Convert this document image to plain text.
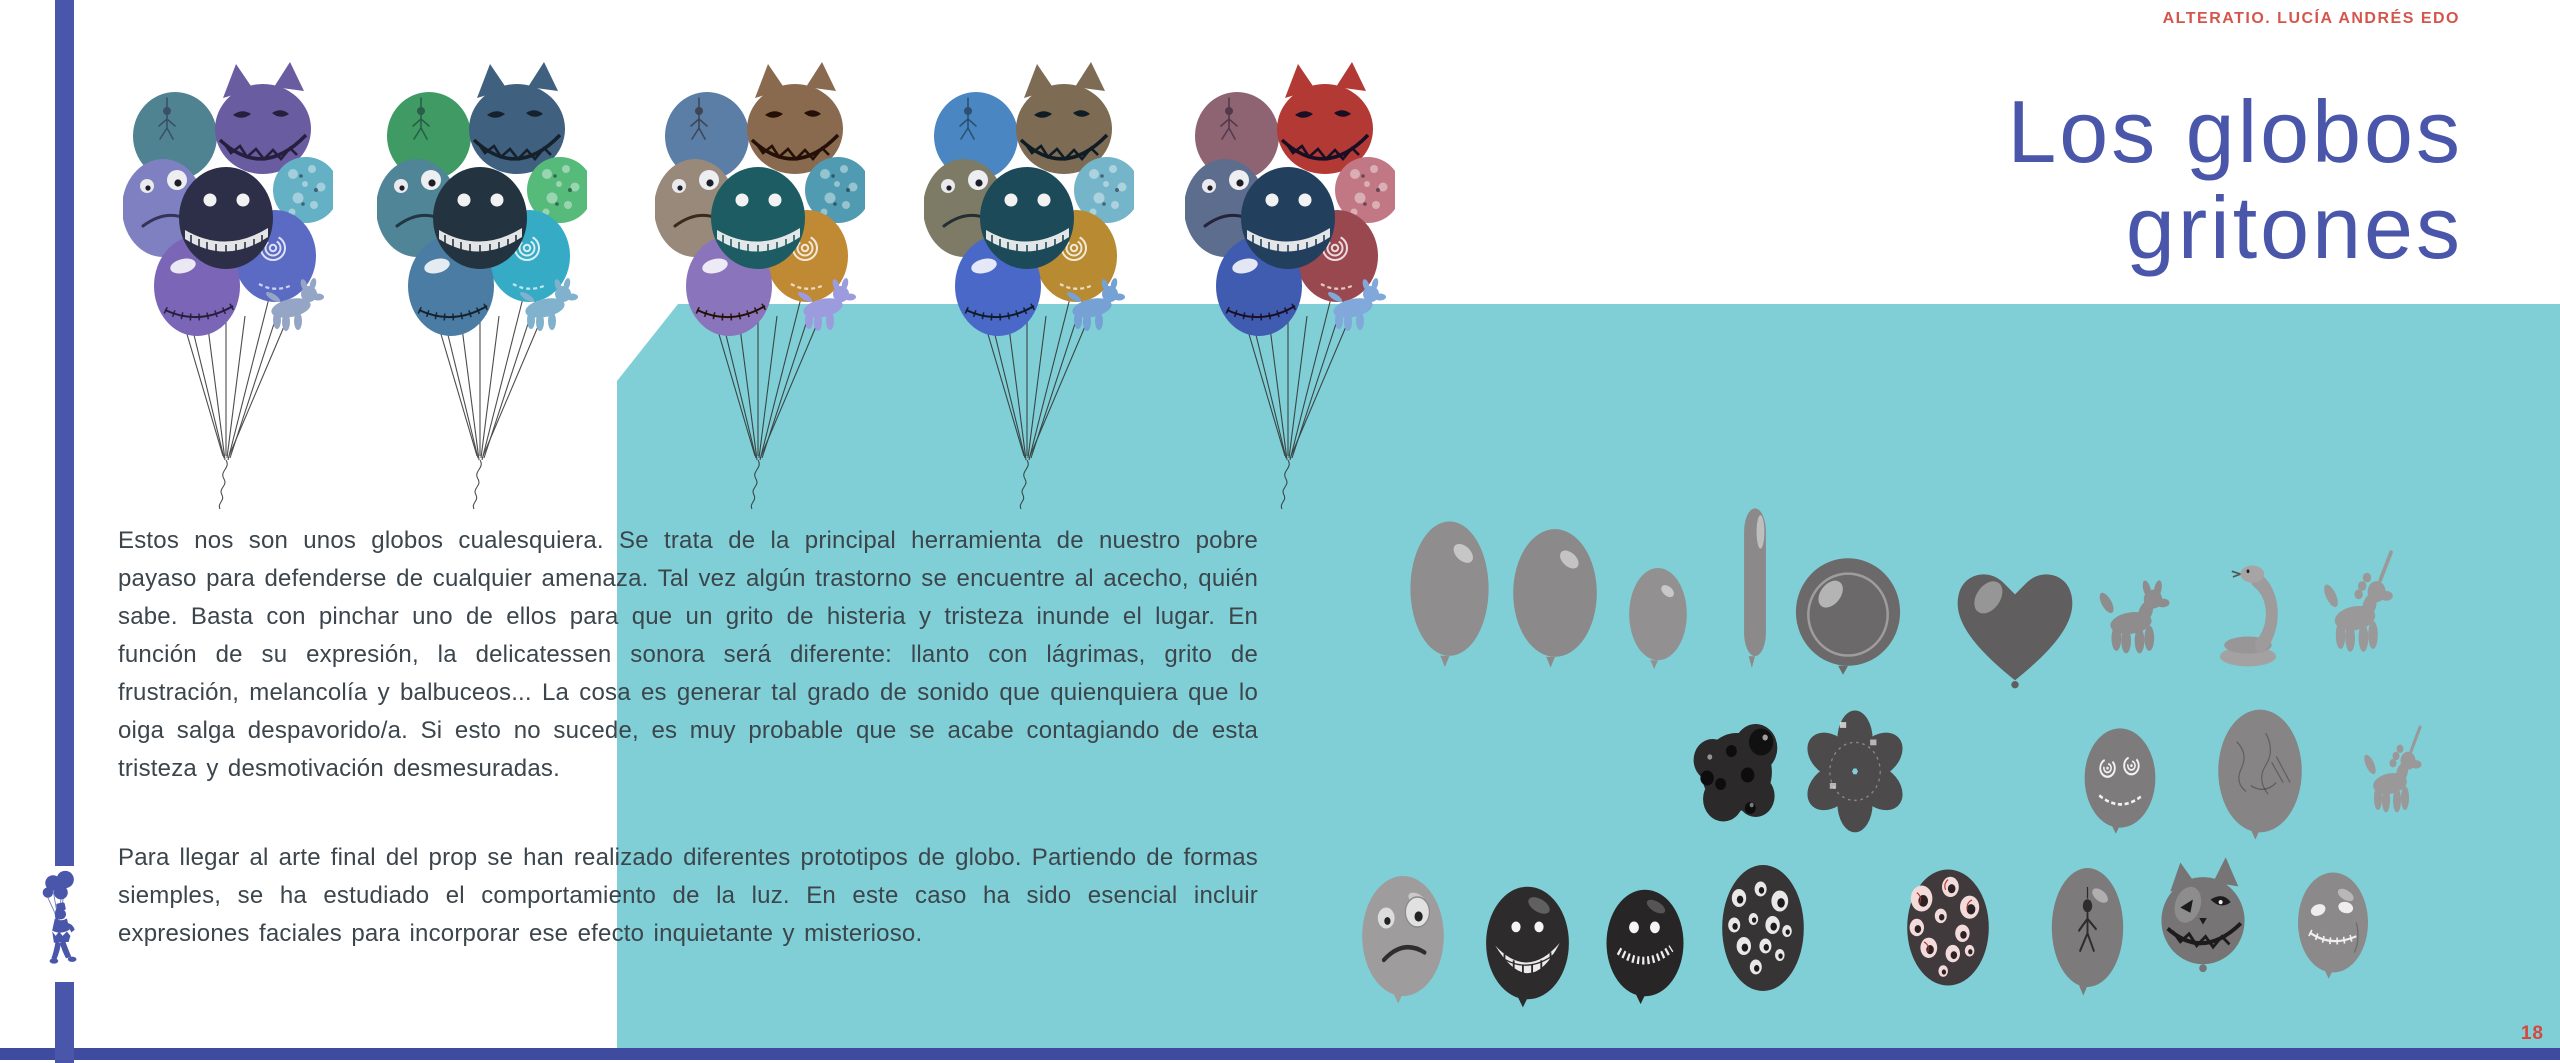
ALTERATIO. LUCÍA ANDRÉS EDO
Los globos
gritones

Estos nos son unos globos cualesquiera. Se trata de la principal herramienta de nuestro pobre payaso para defenderse de cualquier amenaza. Tal vez algún trastorno se encuentre al acecho, quién sabe. Basta con pinchar uno de ellos para que un grito de histeria y tristeza inunde el lugar. En función de su expresión, la delicatessen sonora será diferente: llanto con lágrimas, grito de frustración, melancolía y balbuceos... La cosa es generar tal grado de sonido que quienquiera que lo oiga salga despavorido/a. Si esto no sucede, es muy probable que se acabe contagiando de esta tristeza y desmotivación desmesuradas.

Para llegar al arte final del prop se han realizado diferentes prototipos de globo. Partiendo de formas siemples, se ha estudiado el comportamiento de la luz. En este caso ha sido esencial incluir expresiones faciales para incorporar ese efecto inquietante y misterioso.

18
